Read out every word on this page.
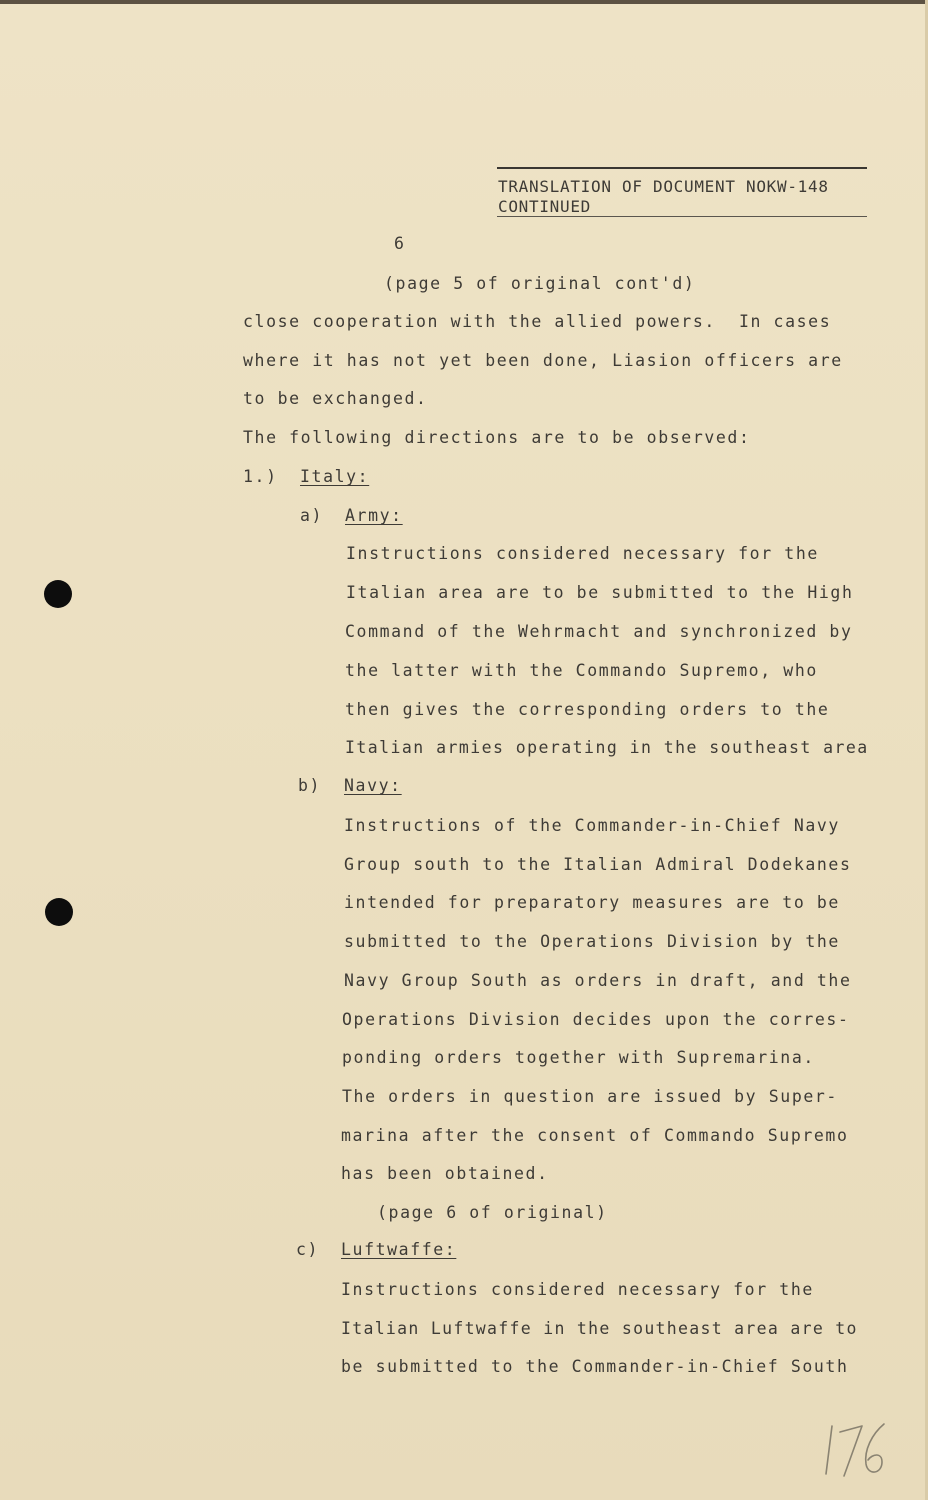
TRANSLATION OF DOCUMENT NOKW-148
CONTINUED
6
(page 5 of original cont'd)
close cooperation with the allied powers.  In cases
where it has not yet been done, Liasion officers are
to be exchanged.
The following directions are to be observed:
1.) Italy:
a) Army:
Instructions considered necessary for the
Italian area are to be submitted to the High
Command of the Wehrmacht and synchronized by
the latter with the Commando Supremo, who
then gives the corresponding orders to the
Italian armies operating in the southeast area
b) Navy:
Instructions of the Commander-in-Chief Navy
Group south to the Italian Admiral Dodekanes
intended for preparatory measures are to be
submitted to the Operations Division by the
Navy Group South as orders in draft, and the
Operations Division decides upon the corres-
ponding orders together with Supremarina.
The orders in question are issued by Super-
marina after the consent of Commando Supremo
has been obtained.
(page 6 of original)
c) Luftwaffe:
Instructions considered necessary for the
Italian Luftwaffe in the southeast area are to
be submitted to the Commander-in-Chief South
